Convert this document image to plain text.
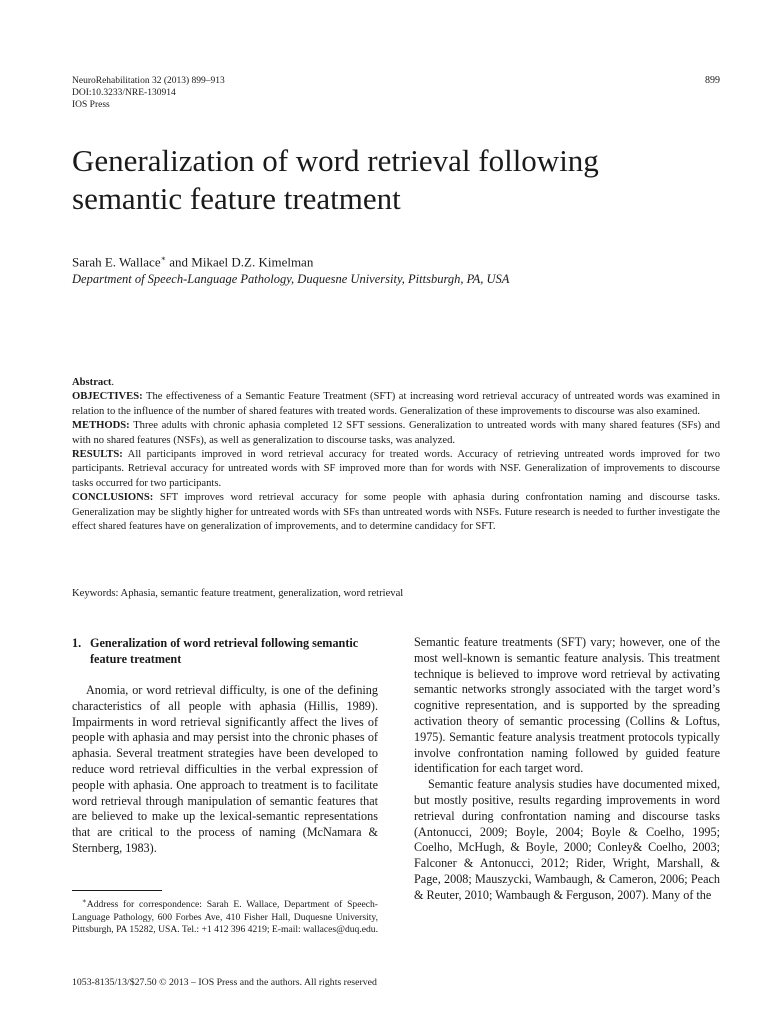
NeuroRehabilitation 32 (2013) 899–913
DOI:10.3233/NRE-130914
IOS Press
899
Generalization of word retrieval following
semantic feature treatment
Sarah E. Wallace∗ and Mikael D.Z. Kimelman
Department of Speech-Language Pathology, Duquesne University, Pittsburgh, PA, USA

Abstract.

OBJECTIVES: The effectiveness of a Semantic Feature Treatment (SFT) at increasing word retrieval accuracy of untreated words was examined in relation to the influence of the number of shared features with treated words. Generalization of these improvements to discourse was also examined.

METHODS: Three adults with chronic aphasia completed 12 SFT sessions. Generalization to untreated words with many shared features (SFs) and with no shared features (NSFs), as well as generalization to discourse tasks, was analyzed.

RESULTS: All participants improved in word retrieval accuracy for treated words. Accuracy of retrieving untreated words improved for two participants. Retrieval accuracy for untreated words with SF improved more than for words with NSF. Generalization of improvements to discourse tasks occurred for two participants.

CONCLUSIONS: SFT improves word retrieval accuracy for some people with aphasia during confrontation naming and discourse tasks. Generalization may be slightly higher for untreated words with SFs than untreated words with NSFs. Future research is needed to further investigate the effect shared features have on generalization of improvements, and to determine candidacy for SFT.

Keywords: Aphasia, semantic feature treatment, generalization, word retrieval
1. Generalization of word retrieval following semantic feature treatment

Anomia, or word retrieval difficulty, is one of the defining characteristics of all people with aphasia (Hillis, 1989). Impairments in word retrieval significantly affect the lives of people with aphasia and may persist into the chronic phases of aphasia. Several treatment strategies have been developed to reduce word retrieval difficulties in the verbal expression of people with aphasia. One approach to treatment is to facilitate word retrieval through manipulation of semantic features that are believed to make up the lexical-semantic representations that are critical to the process of naming (McNamara & Sternberg, 1983).

Semantic feature treatments (SFT) vary; however, one of the most well-known is semantic feature analysis. This treatment technique is believed to improve word retrieval by activating semantic networks strongly associated with the target word’s cognitive representation, and is supported by the spreading activation theory of semantic processing (Collins & Loftus, 1975). Semantic feature analysis treatment protocols typically involve confrontation naming followed by guided feature identification for each target word.

Semantic feature analysis studies have documented mixed, but mostly positive, results regarding improvements in word retrieval during confrontation naming and discourse tasks (Antonucci, 2009; Boyle, 2004; Boyle & Coelho, 1995; Coelho, McHugh, & Boyle, 2000; Conley& Coelho, 2003; Falconer & Antonucci, 2012; Rider, Wright, Marshall, & Page, 2008; Mauszycki, Wambaugh, & Cameron, 2006; Peach & Reuter, 2010; Wambaugh & Ferguson, 2007). Many of the

∗Address for correspondence: Sarah E. Wallace, Department of Speech-Language Pathology, 600 Forbes Ave, 410 Fisher Hall, Duquesne University, Pittsburgh, PA 15282, USA. Tel.: +1 412 396 4219; E-mail: wallaces@duq.edu.
1053-8135/13/$27.50 © 2013 – IOS Press and the authors. All rights reserved
